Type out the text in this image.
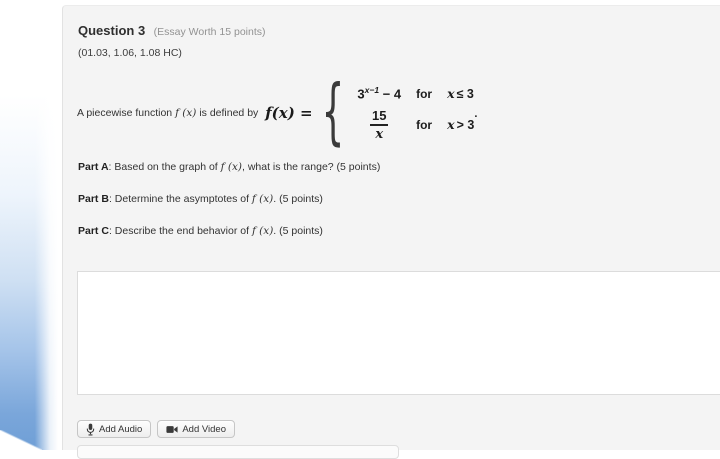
Question 3 (Essay Worth 15 points)
(01.03, 1.06, 1.08 HC)
A piecewise function f (x) is defined by f(x) = { $3^{x-1} - 4$ for x ≤ 3
$\frac{15}{x}$ for x > 3.
Part A: Based on the graph of f (x), what is the range? (5 points)
Part B: Determine the asymptotes of f (x). (5 points)
Part C: Describe the end behavior of f (x). (5 points)
Add Audio	Add Video
